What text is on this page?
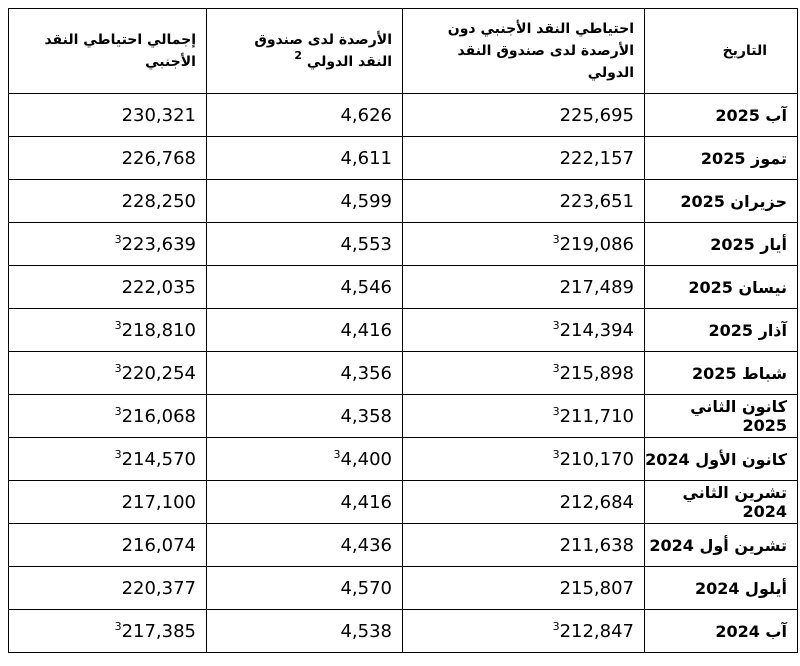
إجمالي احتياطي النقد الأجنبي	الأرصدة لدى صندوق النقد الدولي $^2$	احتياطي النقد الأجنبي دون الأرصدة لدى صندوق النقد الدولي	التاريخ

230,321	4,626	225,695	آب 2025
226,768	4,611	222,157	تموز 2025
228,250	4,599	223,651	حزيران 2025
$^3$223,639	4,553	$^3$219,086	أيار 2025
222,035	4,546	217,489	نيسان 2025
$^3$218,810	4,416	$^3$214,394	آذار 2025
$^3$220,254	4,356	$^3$215,898	شباط 2025
$^3$216,068	4,358	$^3$211,710	كانون الثاني 2025
$^3$214,570	$^3$4,400	$^3$210,170	كانون الأول 2024
217,100	4,416	212,684	تشرين الثاني 2024
216,074	4,436	211,638	تشرين أول 2024
220,377	4,570	215,807	أيلول 2024
$^3$217,385	4,538	$^3$212,847	آب 2024
